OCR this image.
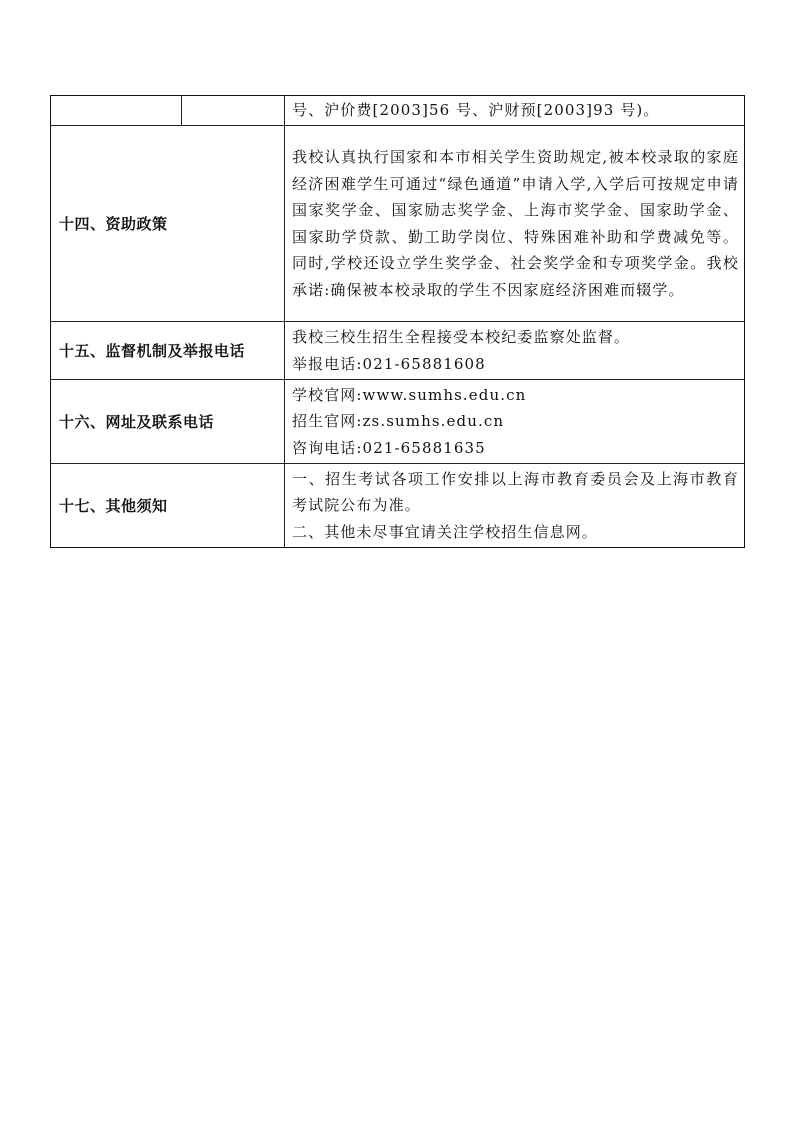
		号、沪价费[2003]56 号、沪财预[2003]93 号)。
十四、资助政策		我校认真执行国家和本市相关学生资助规定,被本校录取的家庭经济困难学生可通过“绿色通道”申请入学,入学后可按规定申请国家奖学金、国家励志奖学金、上海市奖学金、国家助学金、国家助学贷款、勤工助学岗位、特殊困难补助和学费减免等。同时,学校还设立学生奖学金、社会奖学金和专项奖学金。我校承诺:确保被本校录取的学生不因家庭经济困难而辍学。
十五、监督机制及举报电话		我校三校生招生全程接受本校纪委监察处监督。

举报电话:021-65881608

十六、网址及联系电话		学校官网:www.sumhs.edu.cn

招生官网:zs.sumhs.edu.cn

咨询电话:021-65881635

十七、其他须知		一、招生考试各项工作安排以上海市教育委员会及上海市教育考试院公布为准。

二、其他未尽事宜请关注学校招生信息网。
